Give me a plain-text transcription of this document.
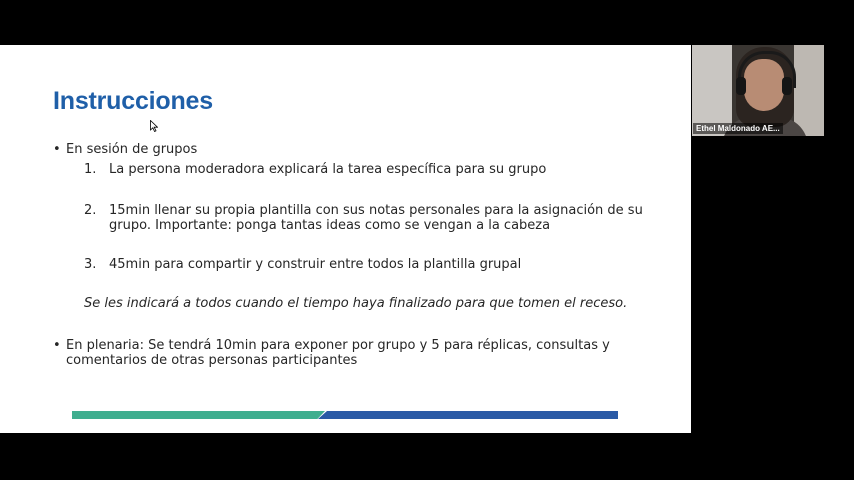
Instrucciones
• En sesión de grupos
1. La persona moderadora explicará la tarea específica para su grupo
2. 15min llenar su propia plantilla con sus notas personales para la asignación de su
grupo. Importante: ponga tantas ideas como se vengan a la cabeza
3. 45min para compartir y construir entre todos la plantilla grupal
Se les indicará a todos cuando el tiempo haya finalizado para que tomen el receso.
• En plenaria: Se tendrá 10min para exponer por grupo y 5 para réplicas, consultas y
comentarios de otras personas participantes
Ethel Maldonado AE...
